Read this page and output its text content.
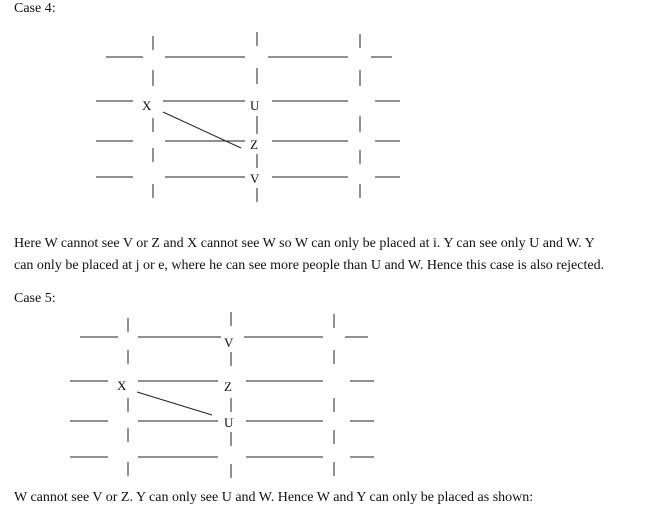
Case 4:
X	U
Z
V
Here W cannot see V or Z and X cannot see W so W can only be placed at i. Y can see only U and W. Y
can only be placed at j or e, where he can see more people than U and W. Hence this case is also rejected.
Case 5:
V
X	Z
U
W cannot see V or Z. Y can only see U and W. Hence W and Y can only be placed as shown:
